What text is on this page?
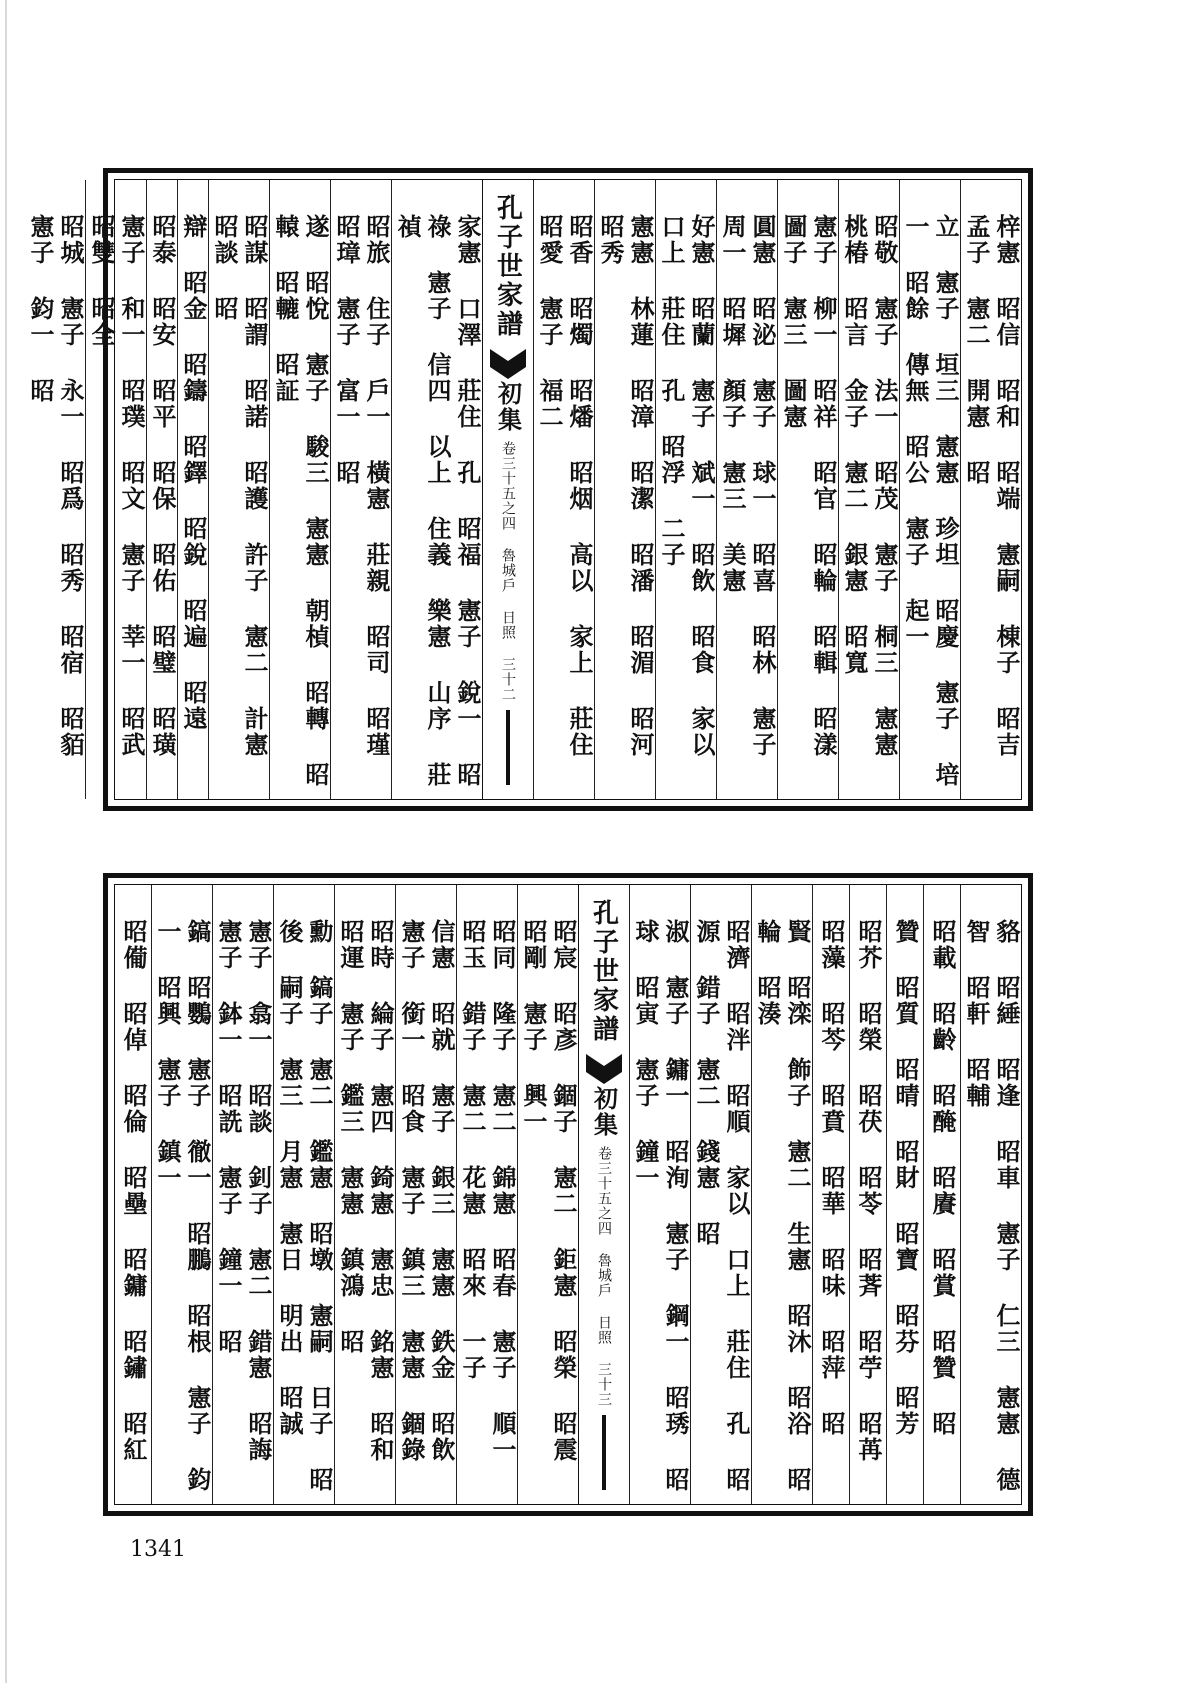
梓憲 昭信 昭和 昭端 憲嗣 棟子 昭吉 孟子 憲二 開憲 昭
立 憲子 垣三 憲憲 珍坦 昭慶 憲子 培一 昭餘 傳無 昭公 憲子 起一
昭敬 憲子 法一 昭茂 憲子 桐三 憲憲 桃椿 昭言 金子 憲二 銀憲 昭寬
憲子 柳一 昭祥 昭官 昭輪 昭輯 昭漾 圖子 憲三 圖憲
圓憲 昭泌 憲子 球一 昭喜 昭林 憲子 周一 昭墀 顏子 憲三 美憲
好憲 昭蘭 憲子 斌一 昭飲 昭食 家以 口上 莊住 孔 昭浮 二子
憲憲 林蓮 昭漳 昭潔 昭潘 昭湄 昭河 昭秀
昭香 昭燭 昭燔 昭烟 高以 家上 莊住 昭愛 憲子 福二
孔子世家譜
初集
卷三十五之四 魯城戶 日照 三十二
家憲 口澤 莊住 孔 昭福 憲子 銳一 昭祿 憲子 信四 以上 住義 樂憲 山序 莊禎
昭旅 住子 戶一 橫憲 莊親 昭司 昭瑾 昭璋 憲子 富一 昭
遂 昭悅 憲子 駿三 憲憲 朝楨 昭轉 昭轅 昭轆 昭証
昭謀 昭謂 昭諾 昭護 許子 憲二 計憲 昭談 昭
辯 昭金 昭鑄 昭鐸 昭銳 昭遍 昭遠
昭泰 昭安 昭平 昭保 昭佑 昭璧 昭璜
憲子 和一 昭璞 昭文 憲子 莘一 昭武 昭雙 昭全
昭城 憲子 永一 昭爲 昭秀 昭宿 昭貊 憲子 鈞一 昭
貉 昭綞 昭逢 昭車 憲子 仁三 憲憲 德智 昭軒 昭輔
昭載 昭齡 昭醃 昭賡 昭賞 昭贊 昭
贊 昭質 昭晴 昭財 昭寶 昭芬 昭芳
昭芥 昭榮 昭茯 昭苓 昭萕 昭苧 昭苒
昭藻 昭芩 昭賁 昭華 昭味 昭萍 昭
賢 昭滦 飾子 憲二 生憲 昭沐 昭浴 昭輪 昭湊
昭濟 昭泮 昭順 家以 口上 莊住 孔 昭源 錯子 憲二 錢憲 昭
淑 憲子 鏞一 昭洵 憲子 鋼一 昭琇 昭球 昭寅 憲子 鐘一
孔子世家譜
初集
卷三十五之四 魯城戶 日照 三十三
昭宸 昭彥 錮子 憲二 鉅憲 昭榮 昭震 昭剛 憲子 興一
昭同 隆子 憲二 錦憲 昭春 憲子 順一 昭玉 錯子 憲二 花憲 昭來 一子
信憲 昭就 憲子 銀三 憲憲 鉄金 昭飲 憲子 銜一 昭食 憲子 鎮三 憲憲 錮錄
昭時 綸子 憲四 錡憲 憲忠 銘憲 昭和 昭運 憲子 鑑三 憲憲 鎮鴻 昭
勳 鎬子 憲二 鑑憲 昭墩 憲嗣 日子 昭後 嗣子 憲三 月憲 憲日 明出 昭誠
憲子 翕一 昭談 釗子 憲二 錯憲 昭誨 憲子 鉢一 昭詵 憲子 鐘一 昭
鎬 昭鸚 憲子 徹一 昭鵬 昭根 憲子 鈞一 昭興 憲子 鎮一
昭僃 昭倬 昭倫 昭壘 昭鏞 昭鏽 昭紅
1341
